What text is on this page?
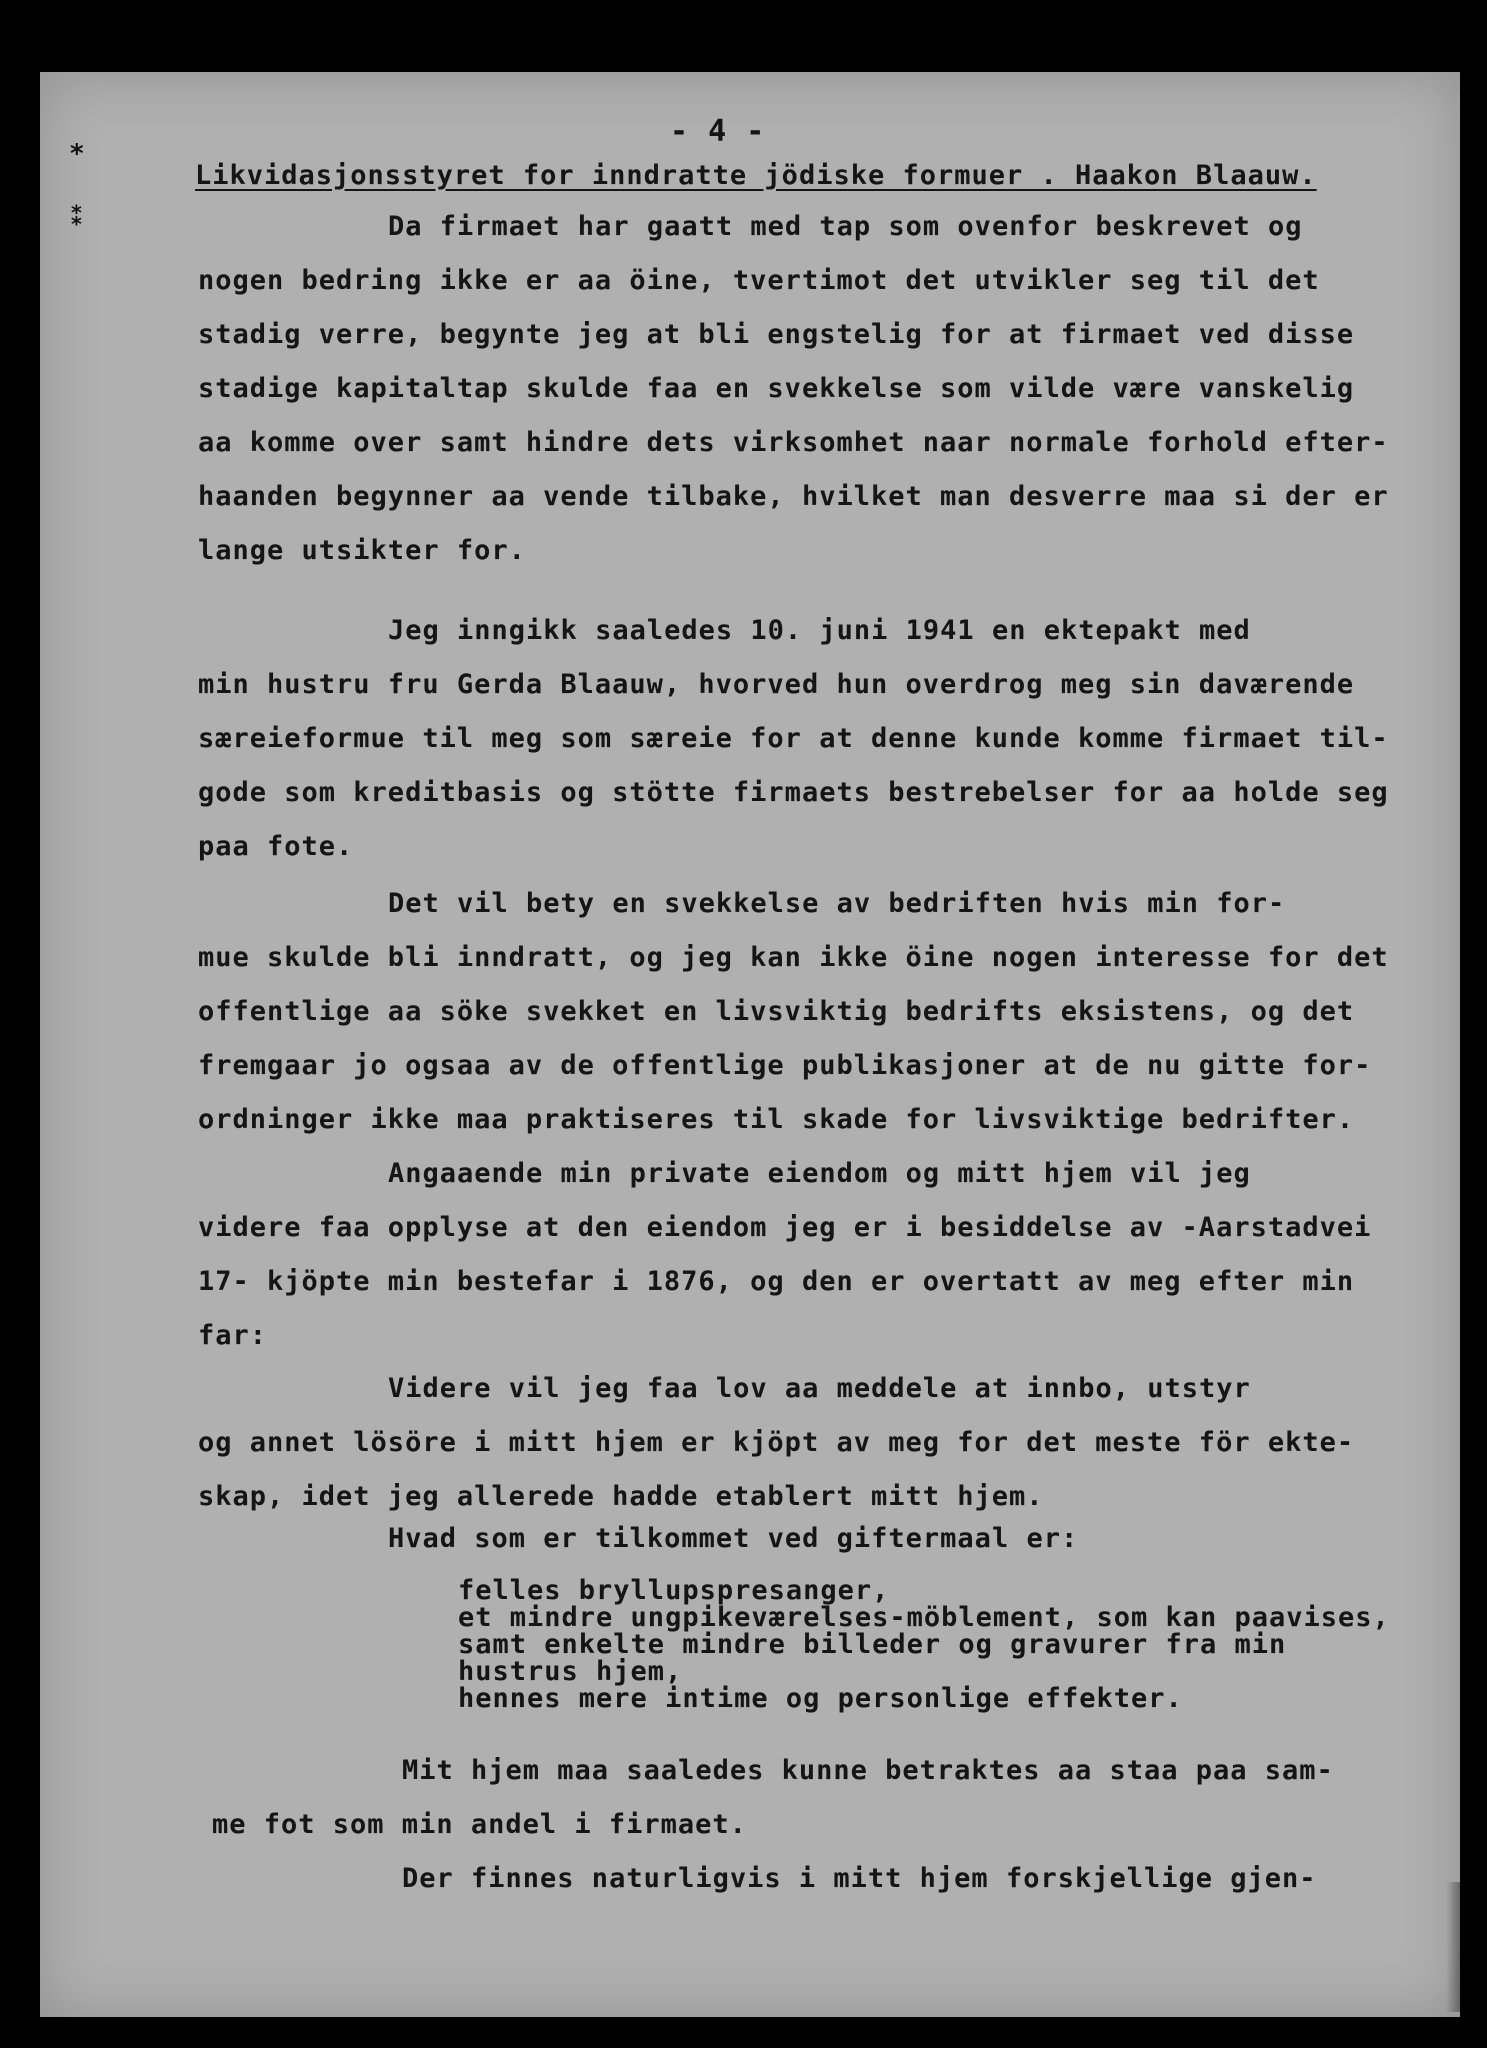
⁎
⁑

- 4 -

Likvidasjonsstyret for inndratte jödiske formuer . Haakon Blaauw.

Da firmaet har gaatt med tap som ovenfor beskrevet og
nogen bedring ikke er aa öine, tvertimot det utvikler seg til det
stadig verre, begynte jeg at bli engstelig for at firmaet ved disse
stadige kapitaltap skulde faa en svekkelse som vilde være vanskelig
aa komme over samt hindre dets virksomhet naar normale forhold efter-
haanden begynner aa vende tilbake, hvilket man desverre maa si der er
lange utsikter for.
Jeg inngikk saaledes 10. juni 1941 en ektepakt med
min hustru fru Gerda Blaauw, hvorved hun overdrog meg sin daværende
særeieformue til meg som særeie for at denne kunde komme firmaet til-
gode som kreditbasis og stötte firmaets bestrebelser for aa holde seg
paa fote.
Det vil bety en svekkelse av bedriften hvis min for-
mue skulde bli inndratt, og jeg kan ikke öine nogen interesse for det
offentlige aa söke svekket en livsviktig bedrifts eksistens, og det
fremgaar jo ogsaa av de offentlige publikasjoner at de nu gitte for-
ordninger ikke maa praktiseres til skade for livsviktige bedrifter.
Angaaende min private eiendom og mitt hjem vil jeg
videre faa opplyse at den eiendom jeg er i besiddelse av -Aarstadvei
17- kjöpte min bestefar i 1876, og den er overtatt av meg efter min
far:
Videre vil jeg faa lov aa meddele at innbo, utstyr
og annet lösöre i mitt hjem er kjöpt av meg for det meste för ekte-
skap, idet jeg allerede hadde etablert mitt hjem.
Hvad som er tilkommet ved giftermaal er:
felles bryllupspresanger,
et mindre ungpikeværelses-möblement, som kan paavises,
samt enkelte mindre billeder og gravurer fra min
hustrus hjem,
hennes mere intime og personlige effekter.
Mit hjem maa saaledes kunne betraktes aa staa paa sam-
me fot som min andel i firmaet.
Der finnes naturligvis i mitt hjem forskjellige gjen-
